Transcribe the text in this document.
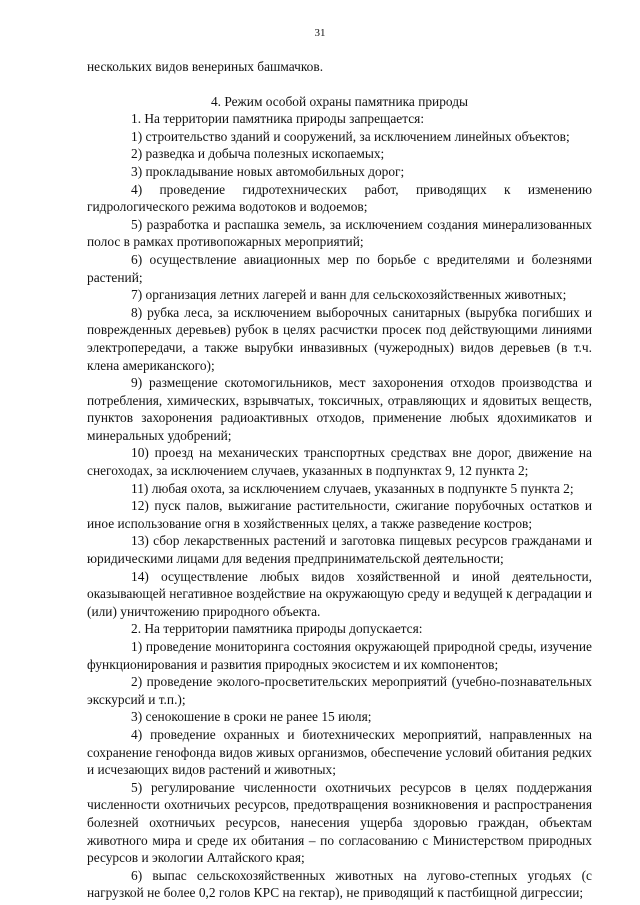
31

нескольких видов венериных башмачков.

4. Режим особой охраны памятника природы

1. На территории памятника природы запрещается:

1) строительство зданий и сооружений, за исключением линейных объектов;

2) разведка и добыча полезных ископаемых;

3) прокладывание новых автомобильных дорог;

4) проведение гидротехнических работ, приводящих к изменению гидрологического режима водотоков и водоемов;

5) разработка и распашка земель, за исключением создания минерализованных полос в рамках противопожарных мероприятий;

6) осуществление авиационных мер по борьбе с вредителями и болезнями растений;

7) организация летних лагерей и ванн для сельскохозяйственных животных;

8) рубка леса, за исключением выборочных санитарных (вырубка погибших и поврежденных деревьев) рубок в целях расчистки просек под действующими линиями электропередачи, а также вырубки инвазивных (чужеродных) видов деревьев (в т.ч. клена американского);

9) размещение скотомогильников, мест захоронения отходов производства и потребления, химических, взрывчатых, токсичных, отравляющих и ядовитых веществ, пунктов захоронения радиоактивных отходов, применение любых ядохимикатов и минеральных удобрений;

10) проезд на механических транспортных средствах вне дорог, движение на снегоходах, за исключением случаев, указанных в подпунктах 9, 12 пункта 2;

11) любая охота, за исключением случаев, указанных в подпункте 5 пункта 2;

12) пуск палов, выжигание растительности, сжигание порубочных остатков и иное использование огня в хозяйственных целях, а также разведение костров;

13) сбор лекарственных растений и заготовка пищевых ресурсов гражданами и юридическими лицами для ведения предпринимательской деятельности;

14) осуществление любых видов хозяйственной и иной деятельности, оказывающей негативное воздействие на окружающую среду и ведущей к деградации и (или) уничтожению природного объекта.

2. На территории памятника природы допускается:

1) проведение мониторинга состояния окружающей природной среды, изучение функционирования и развития природных экосистем и их компонентов;

2) проведение эколого-просветительских мероприятий (учебно-познавательных экскурсий и т.п.);

3) сенокошение в сроки не ранее 15 июля;

4) проведение охранных и биотехнических мероприятий, направленных на сохранение генофонда видов живых организмов, обеспечение условий обитания редких и исчезающих видов растений и животных;

5) регулирование численности охотничьих ресурсов в целях поддержания численности охотничьих ресурсов, предотвращения возникновения и распространения болезней охотничьих ресурсов, нанесения ущерба здоровью граждан, объектам животного мира и среде их обитания – по согласованию с Министерством природных ресурсов и экологии Алтайского края;

6) выпас сельскохозяйственных животных на лугово-степных угодьях (с нагрузкой не более 0,2 голов КРС на гектар), не приводящий к пастбищной дигрессии;
